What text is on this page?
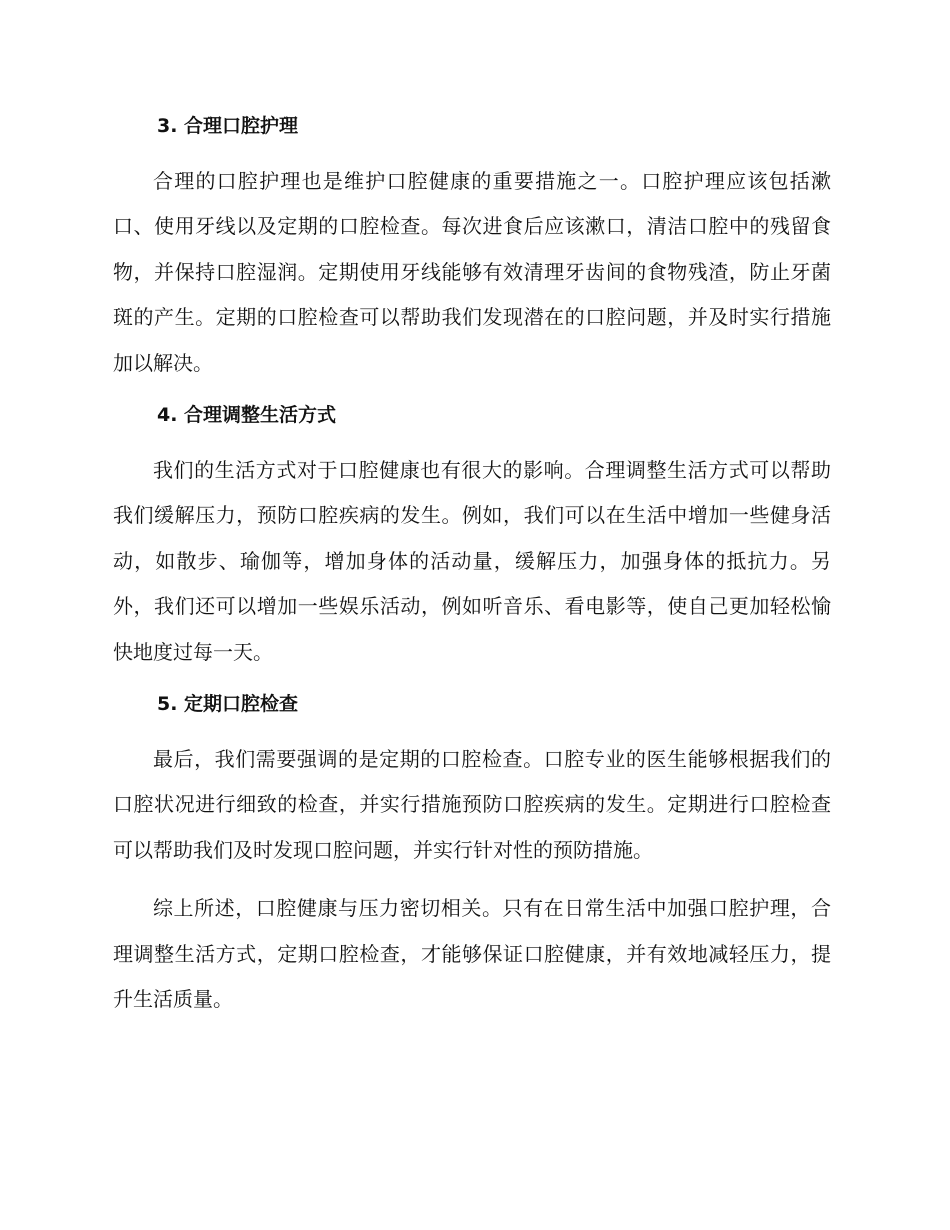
3. 合理口腔护理

合理的口腔护理也是维护口腔健康的重要措施之一。口腔护理应该包括漱口、使用牙线以及定期的口腔检查。每次进食后应该漱口，清洁口腔中的残留食物，并保持口腔湿润。定期使用牙线能够有效清理牙齿间的食物残渣，防止牙菌斑的产生。定期的口腔检查可以帮助我们发现潜在的口腔问题，并及时实行措施加以解决。

4. 合理调整生活方式

我们的生活方式对于口腔健康也有很大的影响。合理调整生活方式可以帮助我们缓解压力，预防口腔疾病的发生。例如，我们可以在生活中增加一些健身活动，如散步、瑜伽等，增加身体的活动量，缓解压力，加强身体的抵抗力。另外，我们还可以增加一些娱乐活动，例如听音乐、看电影等，使自己更加轻松愉快地度过每一天。

5. 定期口腔检查

最后，我们需要强调的是定期的口腔检查。口腔专业的医生能够根据我们的口腔状况进行细致的检查，并实行措施预防口腔疾病的发生。定期进行口腔检查可以帮助我们及时发现口腔问题，并实行针对性的预防措施。

综上所述，口腔健康与压力密切相关。只有在日常生活中加强口腔护理，合理调整生活方式，定期口腔检查，才能够保证口腔健康，并有效地减轻压力，提升生活质量。
